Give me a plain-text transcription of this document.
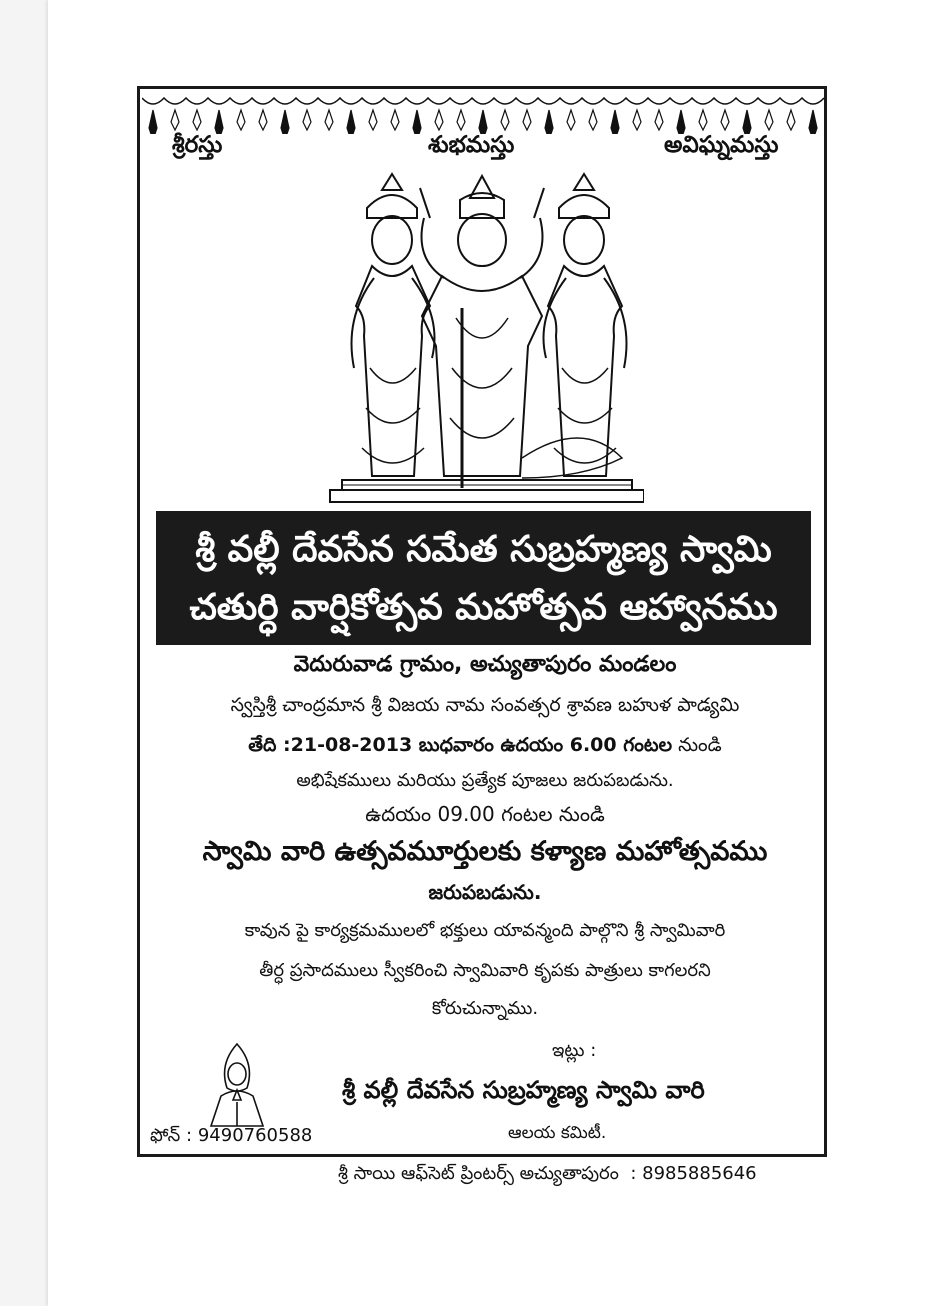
శ్రీరస్తు	శుభమస్తు	అవిఘ్నమస్తు
శ్రీ వల్లీ దేవసేన సమేత సుబ్రహ్మణ్య స్వామి
చతుర్ధి వార్షికోత్సవ మహోత్సవ ఆహ్వానము
వెదురువాడ గ్రామం, అచ్యుతాపురం మండలం
స్వస్తిశ్రీ చాంద్రమాన శ్రీ విజయ నామ సంవత్సర శ్రావణ బహుళ పాడ్యమి
తేది :21-08-2013 బుధవారం ఉదయం 6.00 గంటల నుండి
అభిషేకములు మరియు ప్రత్యేక పూజలు జరుపబడును.
ఉదయం 09.00 గంటల నుండి
స్వామి వారి ఉత్సవమూర్తులకు కళ్యాణ మహోత్సవము
జరుపబడును.
కావున పై కార్యక్రమములలో భక్తులు యావన్మంది పాల్గొని శ్రీ స్వామివారి
తీర్ధ ప్రసాదములు స్వీకరించి స్వామివారి కృపకు పాత్రులు కాగలరని
కోరుచున్నాము.
ఇట్లు :
శ్రీ వల్లీ దేవసేన సుబ్రహ్మణ్య స్వామి వారి
ఆలయ కమిటీ.
ఫోన్ : 9490760588
శ్రీ సాయి ఆఫ్‌సెట్ ప్రింటర్స్ అచ్యుతాపురం : 8985885646
